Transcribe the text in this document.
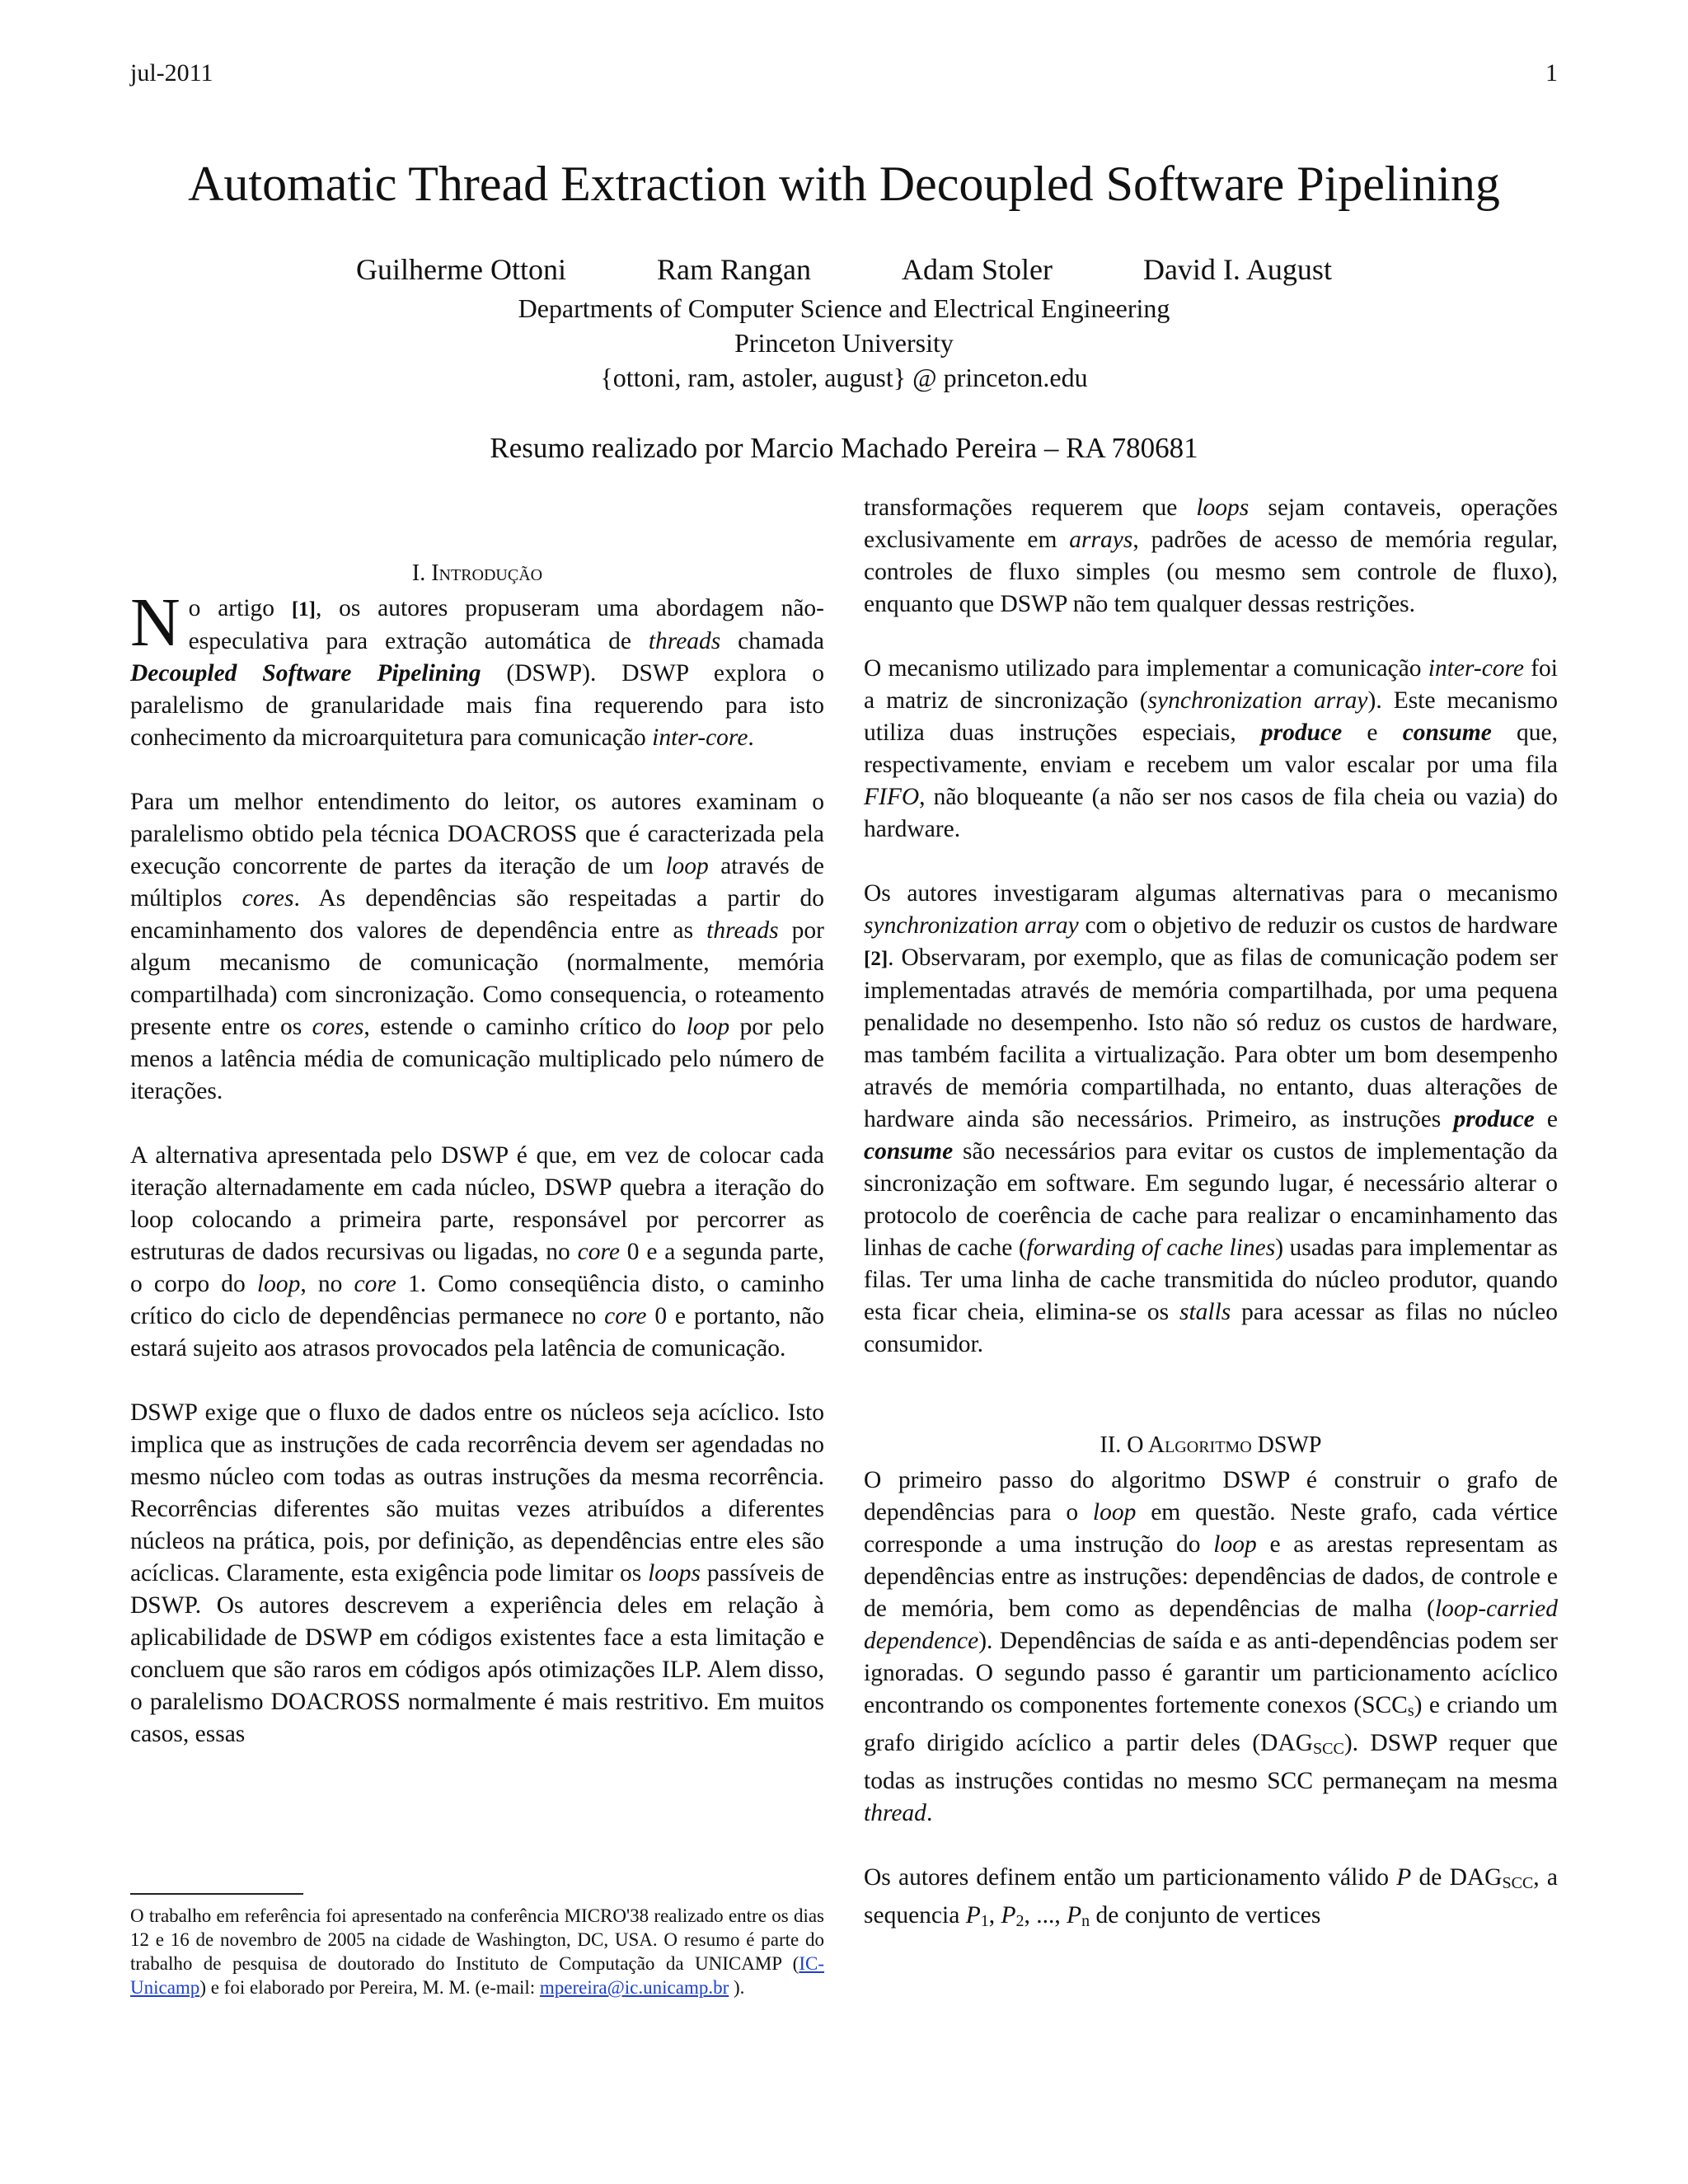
jul-2011	1
Automatic Thread Extraction with Decoupled Software Pipelining
Guilherme Ottoni	Ram Rangan	Adam Stoler	David I. August
Departments of Computer Science and Electrical Engineering
Princeton University
{ottoni, ram, astoler, august} @ princeton.edu
Resumo realizado por Marcio Machado Pereira – RA 780681
I. Introdução

No artigo [1], os autores propuseram uma abordagem não-especulativa para extração automática de threads chamada Decoupled Software Pipelining (DSWP). DSWP explora o paralelismo de granularidade mais fina requerendo para isto conhecimento da microarquitetura para comunicação inter-core.

Para um melhor entendimento do leitor, os autores examinam o paralelismo obtido pela técnica DOACROSS que é caracterizada pela execução concorrente de partes da iteração de um loop através de múltiplos cores. As dependências são respeitadas a partir do encaminhamento dos valores de dependência entre as threads por algum mecanismo de comunicação (normalmente, memória compartilhada) com sincronização. Como consequencia, o roteamento presente entre os cores, estende o caminho crítico do loop por pelo menos a latência média de comunicação multiplicado pelo número de iterações.

A alternativa apresentada pelo DSWP é que, em vez de colocar cada iteração alternadamente em cada núcleo, DSWP quebra a iteração do loop colocando a primeira parte, responsável por percorrer as estruturas de dados recursivas ou ligadas, no core 0 e a segunda parte, o corpo do loop, no core 1. Como conseqüência disto, o caminho crítico do ciclo de dependências permanece no core 0 e portanto, não estará sujeito aos atrasos provocados pela latência de comunicação.

DSWP exige que o fluxo de dados entre os núcleos seja acíclico. Isto implica que as instruções de cada recorrência devem ser agendadas no mesmo núcleo com todas as outras instruções da mesma recorrência. Recorrências diferentes são muitas vezes atribuídos a diferentes núcleos na prática, pois, por definição, as dependências entre eles são acíclicas. Claramente, esta exigência pode limitar os loops passíveis de DSWP. Os autores descrevem a experiência deles em relação à aplicabilidade de DSWP em códigos existentes face a esta limitação e concluem que são raros em códigos após otimizações ILP. Alem disso, o paralelismo DOACROSS normalmente é mais restritivo. Em muitos casos, essas

transformações requerem que loops sejam contaveis, operações exclusivamente em arrays, padrões de acesso de memória regular, controles de fluxo simples (ou mesmo sem controle de fluxo), enquanto que DSWP não tem qualquer dessas restrições.

O mecanismo utilizado para implementar a comunicação inter-core foi a matriz de sincronização (synchronization array). Este mecanismo utiliza duas instruções especiais, produce e consume que, respectivamente, enviam e recebem um valor escalar por uma fila FIFO, não bloqueante (a não ser nos casos de fila cheia ou vazia) do hardware.

Os autores investigaram algumas alternativas para o mecanismo synchronization array com o objetivo de reduzir os custos de hardware [2]. Observaram, por exemplo, que as filas de comunicação podem ser implementadas através de memória compartilhada, por uma pequena penalidade no desempenho. Isto não só reduz os custos de hardware, mas também facilita a virtualização. Para obter um bom desempenho através de memória compartilhada, no entanto, duas alterações de hardware ainda são necessários. Primeiro, as instruções produce e consume são necessários para evitar os custos de implementação da sincronização em software. Em segundo lugar, é necessário alterar o protocolo de coerência de cache para realizar o encaminhamento das linhas de cache (forwarding of cache lines) usadas para implementar as filas. Ter uma linha de cache transmitida do núcleo produtor, quando esta ficar cheia, elimina-se os stalls para acessar as filas no núcleo consumidor.

II. O Algoritmo DSWP

O primeiro passo do algoritmo DSWP é construir o grafo de dependências para o loop em questão. Neste grafo, cada vértice corresponde a uma instrução do loop e as arestas representam as dependências entre as instruções: dependências de dados, de controle e de memória, bem como as dependências de malha (loop-carried dependence). Dependências de saída e as anti-dependências podem ser ignoradas. O segundo passo é garantir um particionamento acíclico encontrando os componentes fortemente conexos $(SCC_s)$ e criando um grafo dirigido acíclico a partir deles $(DAG_{SCC})$. DSWP requer que todas as instruções contidas no mesmo SCC permaneçam na mesma thread.

Os autores definem então um particionamento válido P de $DAG_{SCC}$, a sequencia $P_1$, $P_2$, ..., $P_n$ de conjunto de vertices

O trabalho em referência foi apresentado na conferência MICRO'38 realizado entre os dias 12 e 16 de novembro de 2005 na cidade de Washington, DC, USA. O resumo é parte do trabalho de pesquisa de doutorado do Instituto de Computação da UNICAMP (IC-Unicamp) e foi elaborado por Pereira, M. M. (e-mail: mpereira@ic.unicamp.br ).
